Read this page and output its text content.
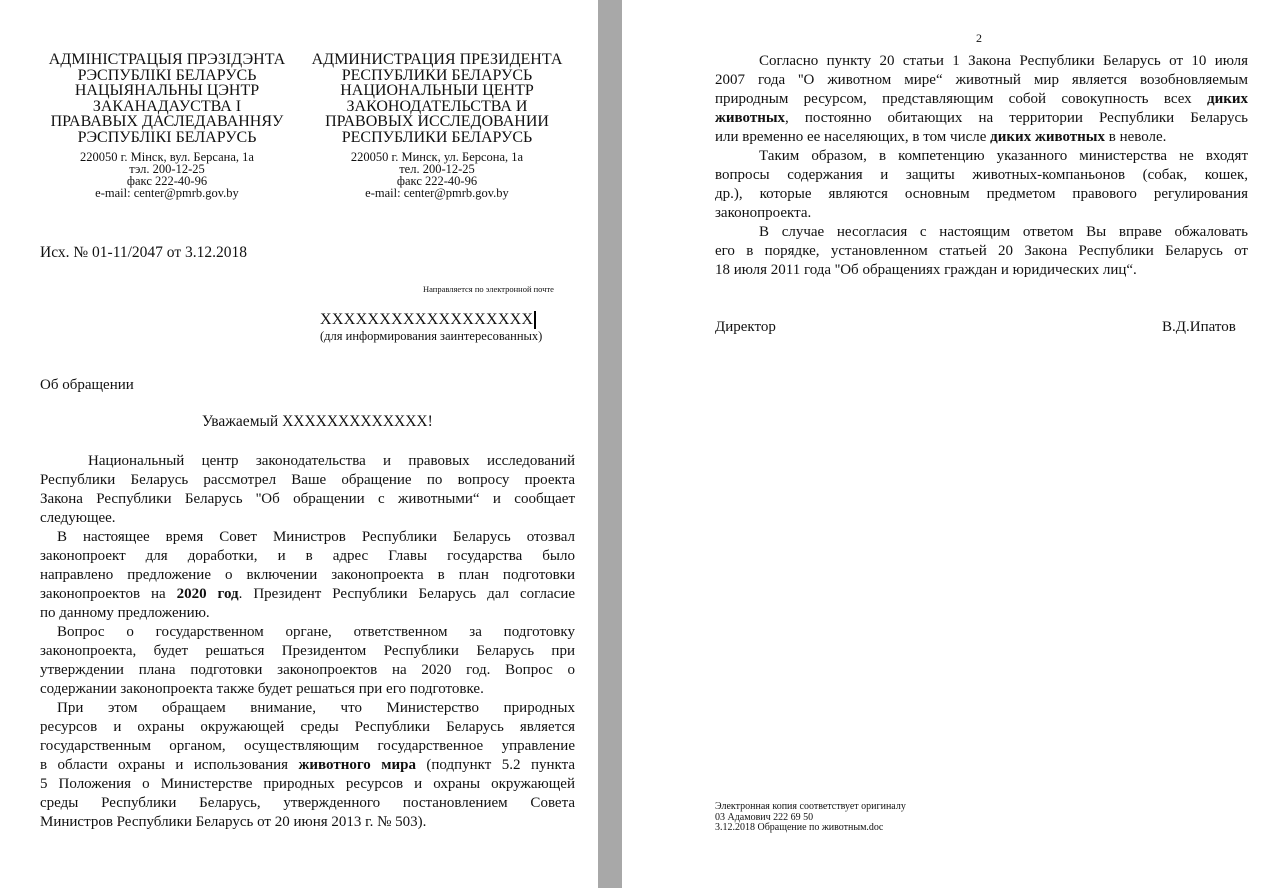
АДМІНІСТРАЦЫЯ ПРЭЗІДЭНТА
РЭСПУБЛІКІ БЕЛАРУСЬ
НАЦЫЯНАЛЬНЫ ЦЭНТР
ЗАКАНАДАУСТВА І
ПРАВАВЫХ ДАСЛЕДАВАННЯУ
РЭСПУБЛІКІ БЕЛАРУСЬ
220050 г. Мінск, вул. Берсана, 1а
тэл. 200-12-25
факс 222-40-96
e-mail: center@pmrb.gov.by
АДМИНИСТРАЦИЯ ПРЕЗИДЕНТА
РЕСПУБЛИКИ БЕЛАРУСЬ
НАЦИОНАЛЬНЫИ ЦЕНТР
ЗАКОНОДАТЕЛЬСТВА И
ПРАВОВЫХ ИССЛЕДОВАНИИ
РЕСПУБЛИКИ БЕЛАРУСЬ
220050 г. Минск, ул. Берсона, 1а
тел. 200-12-25
факс 222-40-96
e-mail: center@pmrb.gov.by
Исх. № 01-11/2047 от 3.12.2018
Направляется по электронной почте
XXXXXXXXXXXXXXXXXX
(для информирования заинтересованных)
Об обращении
Уважаемый XXXXXXXXXXXXX!
Национальный центр законодательства и правовых исследований
Республики Беларусь рассмотрел Ваше обращение по вопросу проекта
Закона Республики Беларусь ''Об обращении с животными“ и сообщает
следующее.
В настоящее время Совет Министров Республики Беларусь отозвал
законопроект для доработки, и в адрес Главы государства было
направлено предложение о включении законопроекта в план подготовки
законопроектов на 2020 год. Президент Республики Беларусь дал согласие
по данному предложению.
Вопрос о государственном органе, ответственном за подготовку
законопроекта, будет решаться Президентом Республики Беларусь при
утверждении плана подготовки законопроектов на 2020 год. Вопрос о
содержании законопроекта также будет решаться при его подготовке.
При этом обращаем внимание, что Министерство природных
ресурсов и охраны окружающей среды Республики Беларусь является
государственным органом, осуществляющим государственное управление
в области охраны и использования животного мира (подпункт 5.2 пункта
5 Положения о Министерстве природных ресурсов и охраны окружающей
среды Республики Беларусь, утвержденного постановлением Совета
Министров Республики Беларусь от 20 июня 2013 г. № 503).
2
Согласно пункту 20 статьи 1 Закона Республики Беларусь от 10 июля
2007 года ''О животном мире“ животный мир является возобновляемым
природным ресурсом, представляющим собой совокупность всех диких
животных, постоянно обитающих на территории Республики Беларусь
или временно ее населяющих, в том числе диких животных в неволе.
Таким образом, в компетенцию указанного министерства не входят
вопросы содержания и защиты животных-компаньонов (собак, кошек,
др.), которые являются основным предметом правового регулирования
законопроекта.
В случае несогласия с настоящим ответом Вы вправе обжаловать
его в порядке, установленном статьей 20 Закона Республики Беларусь от
18 июля 2011 года ''Об обращениях граждан и юридических лиц“.
Директор	В.Д.Ипатов
Электронная копия соответствует оригиналу
03 Адамович 222 69 50
3.12.2018 Обращение по животным.doc
